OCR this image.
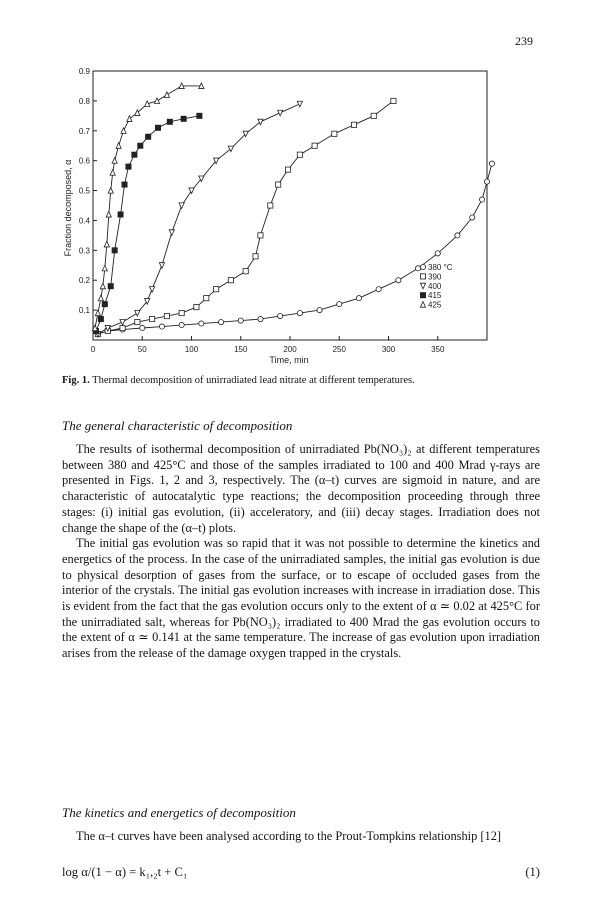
239
0	50	100	150	200	250	300	350
0.1
0.2
0.3
0.4
0.5
0.6
0.7
0.8
0.9
380 °C
390
400
415
425
Time, min
Fraction decomposed, α
Fig. 1. Thermal decomposition of unirradiated lead nitrate at different temperatures.
The general characteristic of decomposition

The results of isothermal decomposition of unirradiated Pb(NO₃)₂ at different temperatures between 380 and 425°C and those of the samples irradiated to 100 and 400 Mrad γ-rays are presented in Figs. 1, 2 and 3, respectively. The (α–t) curves are sigmoid in nature, and are characteristic of autocatalytic type reactions; the decomposition proceeding through three stages: (i) initial gas evolution, (ii) acceleratory, and (iii) decay stages. Irradiation does not change the shape of the (α–t) plots.

The initial gas evolution was so rapid that it was not possible to determine the kinetics and energetics of the process. In the case of the unirradiated samples, the initial gas evolution is due to physical desorption of gases from the surface, or to escape of occluded gases from the interior of the crystals. The initial gas evolution increases with increase in irradiation dose. This is evident from the fact that the gas evolution occurs only to the extent of α ≃ 0.02 at 425°C for the unirradiated salt, whereas for Pb(NO₃)₂ irradiated to 400 Mrad the gas evolution occurs to the extent of α ≃ 0.141 at the same temperature. The increase of gas evolution upon irradiation arises from the release of the damage oxygen trapped in the crystals.

The kinetics and energetics of decomposition

The α–t curves have been analysed according to the Prout-Tompkins relationship [12]

log α/(1 − α) = k₁,₂t + C₁	(1)
